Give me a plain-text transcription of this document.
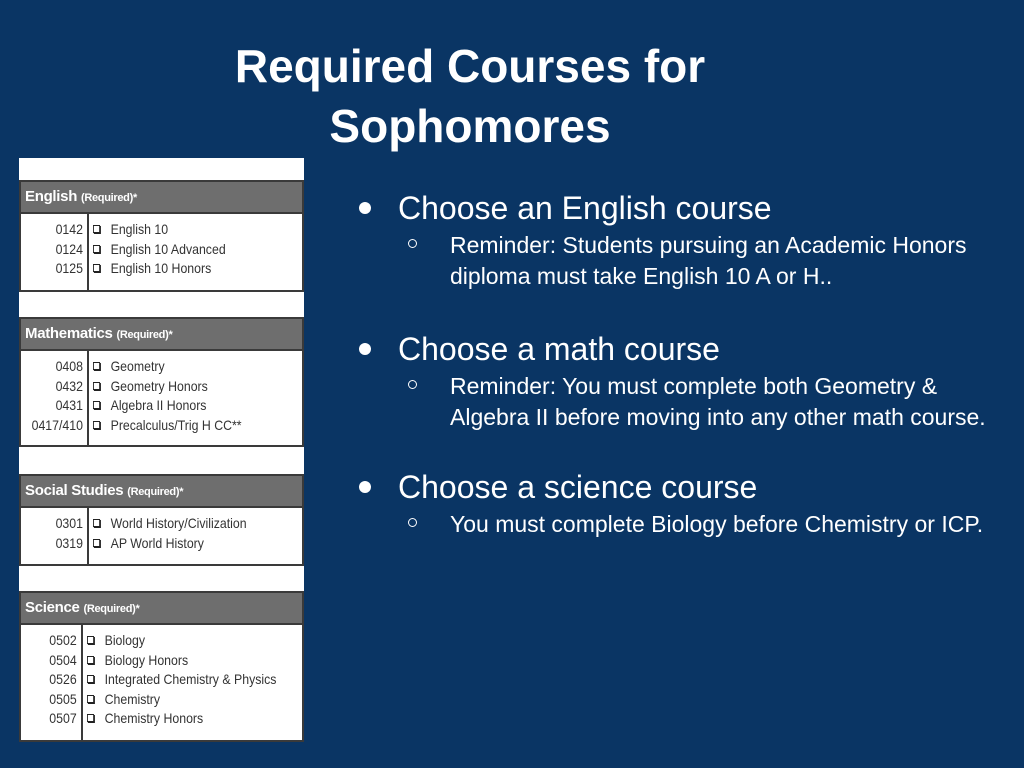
Required Courses for
Sophomores
English (Required)*
0142
0124
0125
English 10
English 10 Advanced
English 10 Honors
Mathematics (Required)*
0408
0432
0431
0417/410
Geometry
Geometry Honors
Algebra II Honors
Precalculus/Trig H CC**
Social Studies (Required)*
0301
0319
World History/Civilization
AP World History
Science (Required)*
0502
0504
0526
0505
0507
Biology
Biology Honors
Integrated Chemistry & Physics
Chemistry
Chemistry Honors
Choose an English course
Reminder: Students pursuing an Academic Honors diploma must take English 10 A or H..
Choose a math course
Reminder: You must complete both Geometry & Algebra II before moving into any other math course.
Choose a science course
You must complete Biology before Chemistry or ICP.
